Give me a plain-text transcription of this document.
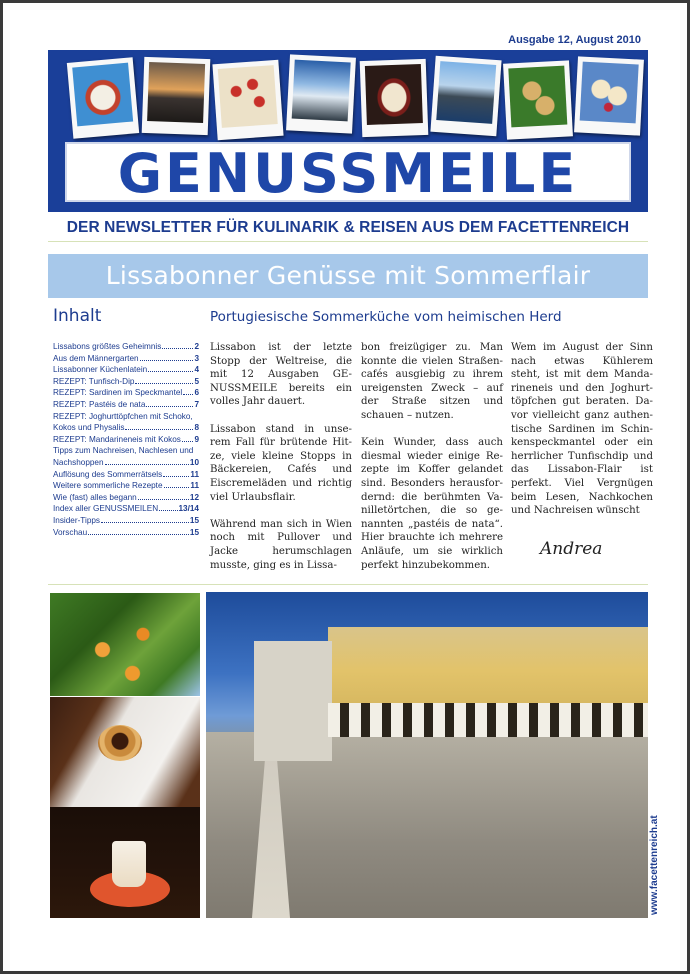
Ausgabe 12, August 2010
GENUSSMEILE
DER NEWSLETTER FÜR KULINARIK & REISEN AUS DEM FACETTENREICH
Lissabonner Genüsse mit Sommerflair
Inhalt
Lissabons größtes Geheimnis	2
Aus dem Männergarten	3
Lissabonner Küchenlatein	4
REZEPT: Tunfisch-Dip	5
REZEPT: Sardinen im Speckmantel 6
REZEPT: Pastéis de nata	7
REZEPT: Joghurttöpfchen mit Schoko,
Kokos und Physalis	8
REZEPT: Mandarineneis mit Kokos 9
Tipps zum Nachreisen, Nachlesen und
Nachshoppen	10
Auflösung des Sommerrätsels	11
Weitere sommerliche Rezepte	11
Wie (fast) alles begann	12
Index aller GENUSSMEILEN 13/14
Insider-Tipps	15
Vorschau	15
Portugiesische Sommerküche vom heimischen Herd

Lissabon ist der letzte Stopp der Weltreise, die mit 12 Ausgaben GE-NUSSMEILE bereits ein volles Jahr dauert.

Lissabon stand in unse-rem Fall für brütende Hit-ze, viele kleine Stopps in Bäckereien, Cafés und Eiscremeläden und richtig viel Urlaubsflair.

Während man sich in Wien noch mit Pullover und Jacke herumschlagen musste, ging es in Lissa-

bon freizügiger zu. Man konnte die vielen Straßen-cafés ausgiebig zu ihrem ureigensten Zweck – auf der Straße sitzen und schauen – nutzen.

Kein Wunder, dass auch diesmal wieder einige Re-zepte im Koffer gelandet sind. Besonders herausfor-dernd: die berühmten Va-nilletörtchen, die so ge-nannten „pastéis de nata“. Hier brauchte ich mehrere Anläufe, um sie wirklich perfekt hinzubekommen.

Wem im August der Sinn nach etwas Kühlerem steht, ist mit dem Manda-rineneis und den Joghurt-töpfchen gut beraten. Da-vor vielleicht ganz authen-tische Sardinen im Schin-kenspeckmantel oder ein herrlicher Tunfischdip und das Lissabon-Flair ist perfekt. Viel Vergnügen beim Lesen, Nachkochen und Nachreisen wünscht

Andrea
www.facettenreich.at
